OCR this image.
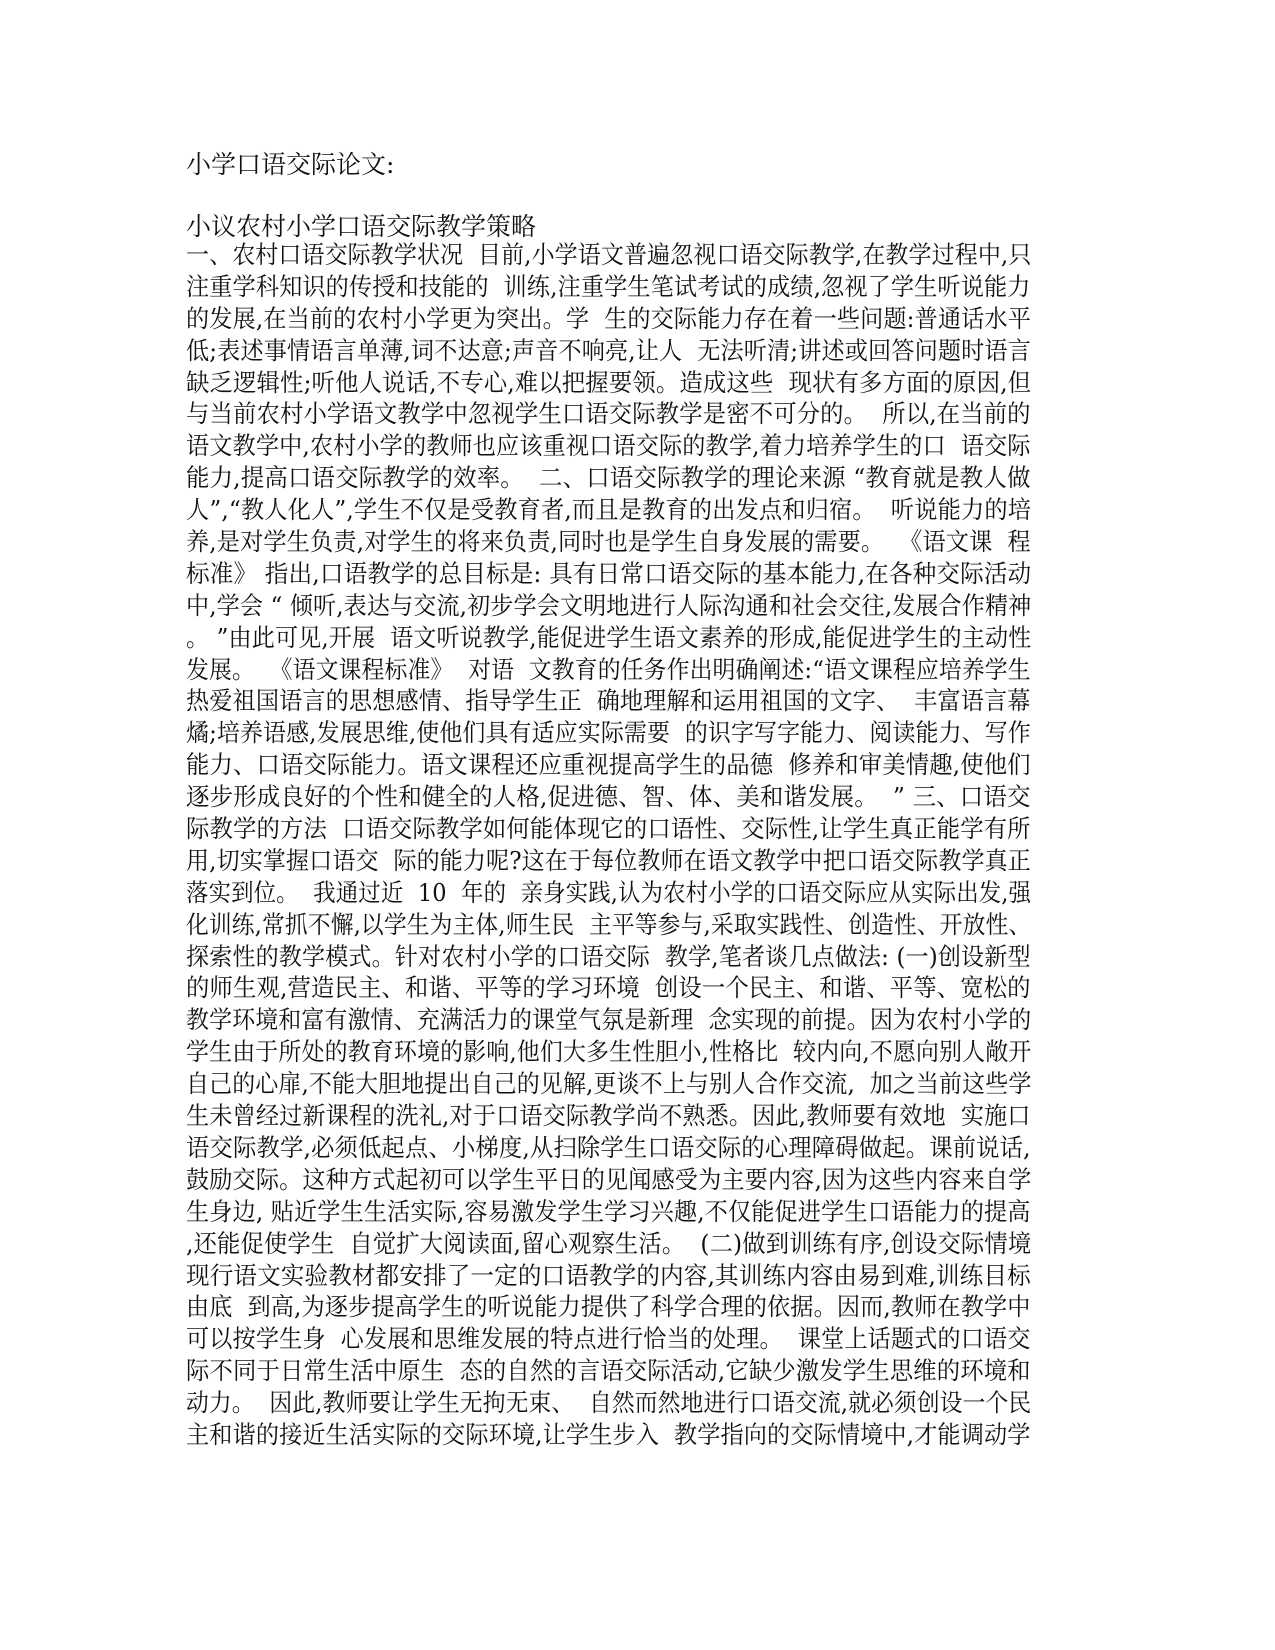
小学口语交际论文:
小议农村小学口语交际教学策略
一、农村口语交际教学状况  目前,小学语文普遍忽视口语交际教学,在教学过程中,只
注重学科知识的传授和技能的  训练,注重学生笔试考试的成绩,忽视了学生听说能力
的发展,在当前的农村小学更为突出。学  生的交际能力存在着一些问题:普通话水平
低;表述事情语言单薄,词不达意;声音不响亮,让人  无法听清;讲述或回答问题时语言
缺乏逻辑性;听他人说话,不专心,难以把握要领。造成这些  现状有多方面的原因,但
与当前农村小学语文教学中忽视学生口语交际教学是密不可分的。  所以,在当前的
语文教学中,农村小学的教师也应该重视口语交际的教学,着力培养学生的口  语交际
能力,提高口语交际教学的效率。  二、口语交际教学的理论来源 “教育就是教人做
人”,“教人化人”,学生不仅是受教育者,而且是教育的出发点和归宿。  听说能力的培
养,是对学生负责,对学生的将来负责,同时也是学生自身发展的需要。  《语文课  程
标准》 指出,口语教学的总目标是: 具有日常口语交际的基本能力,在各种交际活动
中,学会 “ 倾听,表达与交流,初步学会文明地进行人际沟通和社会交往,发展合作精神
。 ”由此可见,开展  语文听说教学,能促进学生语文素养的形成,能促进学生的主动性
发展。  《语文课程标准》  对语  文教育的任务作出明确阐述:“语文课程应培养学生
热爱祖国语言的思想感情、指导学生正  确地理解和运用祖国的文字、  丰富语言幕
燏;培养语感,发展思维,使他们具有适应实际需要  的识字写字能力、阅读能力、写作
能力、口语交际能力。语文课程还应重视提高学生的品德  修养和审美情趣,使他们
逐步形成良好的个性和健全的人格,促进德、智、体、美和谐发展。  ” 三、口语交
际教学的方法  口语交际教学如何能体现它的口语性、交际性,让学生真正能学有所
用,切实掌握口语交  际的能力呢?这在于每位教师在语文教学中把口语交际教学真正
落实到位。  我通过近  10  年的  亲身实践,认为农村小学的口语交际应从实际出发,强
化训练,常抓不懈,以学生为主体,师生民  主平等参与,采取实践性、创造性、开放性、
探索性的教学模式。针对农村小学的口语交际  教学,笔者谈几点做法: (一)创设新型
的师生观,营造民主、和谐、平等的学习环境  创设一个民主、和谐、平等、宽松的
教学环境和富有激情、充满活力的课堂气氛是新理  念实现的前提。因为农村小学的
学生由于所处的教育环境的影响,他们大多生性胆小,性格比  较内向,不愿向别人敞开
自己的心扉,不能大胆地提出自己的见解,更谈不上与别人合作交流,  加之当前这些学
生未曾经过新课程的洗礼,对于口语交际教学尚不熟悉。因此,教师要有效地  实施口
语交际教学,必须低起点、小梯度,从扫除学生口语交际的心理障碍做起。课前说话,
鼓励交际。这种方式起初可以学生平日的见闻感受为主要内容,因为这些内容来自学
生身边, 贴近学生生活实际,容易激发学生学习兴趣,不仅能促进学生口语能力的提高
,还能促使学生  自觉扩大阅读面,留心观察生活。  (二)做到训练有序,创设交际情境
现行语文实验教材都安排了一定的口语教学的内容,其训练内容由易到难,训练目标
由底  到高,为逐步提高学生的听说能力提供了科学合理的依据。因而,教师在教学中
可以按学生身  心发展和思维发展的特点进行恰当的处理。  课堂上话题式的口语交
际不同于日常生活中原生  态的自然的言语交际活动,它缺少激发学生思维的环境和
动力。  因此,教师要让学生无拘无束、  自然而然地进行口语交流,就必须创设一个民
主和谐的接近生活实际的交际环境,让学生步入  教学指向的交际情境中,才能调动学
